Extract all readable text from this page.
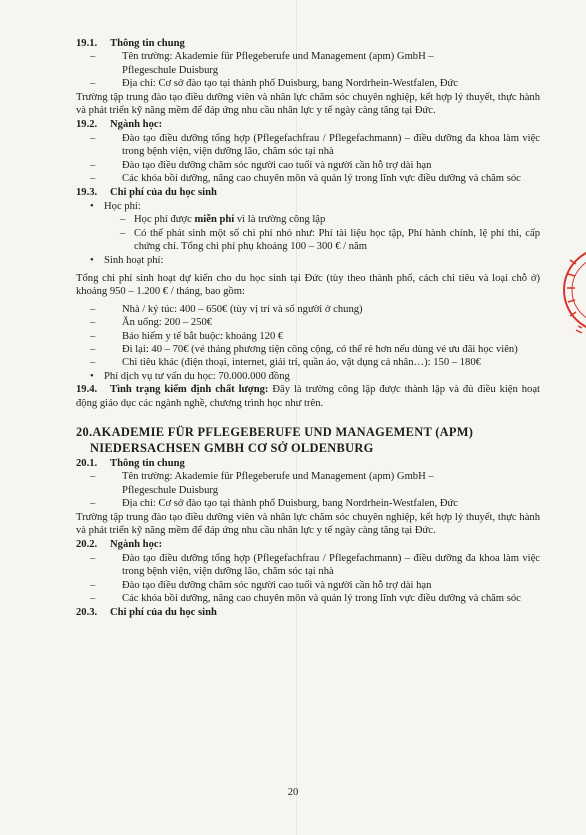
19.1. Thông tin chung
–	Tên trường: Akademie für Pflegeberufe und Management (apm) GmbH –
Pflegeschule Duisburg
–	Địa chỉ: Cơ sở đào tạo tại thành phố Duisburg, bang Nordrhein-Westfalen, Đức
Trường tập trung đào tạo điều dưỡng viên và nhân lực chăm sóc chuyên nghiệp, kết hợp lý thuyết, thực hành và phát triển kỹ năng mềm để đáp ứng nhu cầu nhân lực y tế ngày càng tăng tại Đức.
19.2. Ngành học:
–	Đào tạo điều dưỡng tổng hợp (Pflegefachfrau / Pflegefachmann) – điều dưỡng đa khoa làm việc trong bệnh viện, viện dưỡng lão, chăm sóc tại nhà
–	Đào tạo điều dưỡng chăm sóc người cao tuổi và người cần hỗ trợ dài hạn
–	Các khóa bồi dưỡng, nâng cao chuyên môn và quản lý trong lĩnh vực điều dưỡng và chăm sóc
19.3. Chi phí của du học sinh
• Học phí:
– Học phí được miễn phí vì là trường công lập
– Có thể phát sinh một số chi phí nhỏ như: Phí tài liệu học tập, Phí hành chính, lệ phí thi, cấp chứng chỉ. Tổng chi phí phụ khoảng 100 – 300 € / năm
• Sinh hoạt phí:
Tổng chi phí sinh hoạt dự kiến cho du học sinh tại Đức (tùy theo thành phố, cách chi tiêu và loại chỗ ở) khoảng 950 – 1.200 € / tháng, bao gồm:
–	Nhà / ký túc: 400 – 650€ (tùy vị trí và số người ở chung)
–	Ăn uống: 200 – 250€
–	Bảo hiểm y tế bắt buộc: khoảng 120 €
–	Đi lại: 40 – 70€ (vé tháng phương tiện công cộng, có thể rẻ hơn nếu dùng vé ưu đãi học viên)
–	Chi tiêu khác (điện thoại, internet, giải trí, quần áo, vật dụng cá nhân…): 150 – 180€
• Phí dịch vụ tư vấn du học: 70.000.000 đồng
19.4. Tình trạng kiểm định chất lượng: Đây là trường công lập được thành lập và đủ điều kiện hoạt động giáo dục các ngành nghề, chương trình học như trên.
20.AKADEMIE FÜR PFLEGEBERUFE UND MANAGEMENT (APM)
NIEDERSACHSEN GMBH CƠ SỞ OLDENBURG
20.1. Thông tin chung
–	Tên trường: Akademie für Pflegeberufe und Management (apm) GmbH –
Pflegeschule Duisburg
–	Địa chỉ: Cơ sở đào tạo tại thành phố Duisburg, bang Nordrhein-Westfalen, Đức
Trường tập trung đào tạo điều dưỡng viên và nhân lực chăm sóc chuyên nghiệp, kết hợp lý thuyết, thực hành và phát triển kỹ năng mềm để đáp ứng nhu cầu nhân lực y tế ngày càng tăng tại Đức.
20.2. Ngành học:
–	Đào tạo điều dưỡng tổng hợp (Pflegefachfrau / Pflegefachmann) – điều dưỡng đa khoa làm việc trong bệnh viện, viện dưỡng lão, chăm sóc tại nhà
–	Đào tạo điều dưỡng chăm sóc người cao tuổi và người cần hỗ trợ dài hạn
–	Các khóa bồi dưỡng, nâng cao chuyên môn và quản lý trong lĩnh vực điều dưỡng và chăm sóc
20.3. Chi phí của du học sinh
20
